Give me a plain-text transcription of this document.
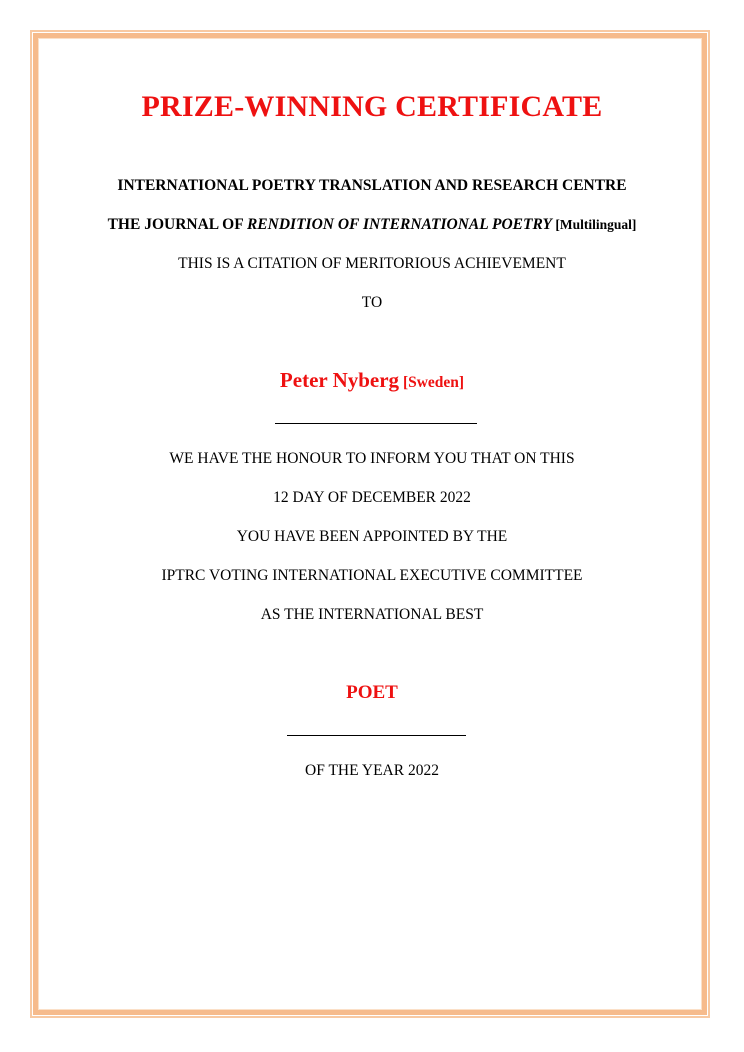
PRIZE-WINNING CERTIFICATE
INTERNATIONAL POETRY TRANSLATION AND RESEARCH CENTRE
THE JOURNAL OF RENDITION OF INTERNATIONAL POETRY [Multilingual]
THIS IS A CITATION OF MERITORIOUS ACHIEVEMENT
TO
Peter Nyberg [Sweden]
WE HAVE THE HONOUR TO INFORM YOU THAT ON THIS
12 DAY OF DECEMBER 2022
YOU HAVE BEEN APPOINTED BY THE
IPTRC VOTING INTERNATIONAL EXECUTIVE COMMITTEE
AS THE INTERNATIONAL BEST
POET
OF THE YEAR 2022
